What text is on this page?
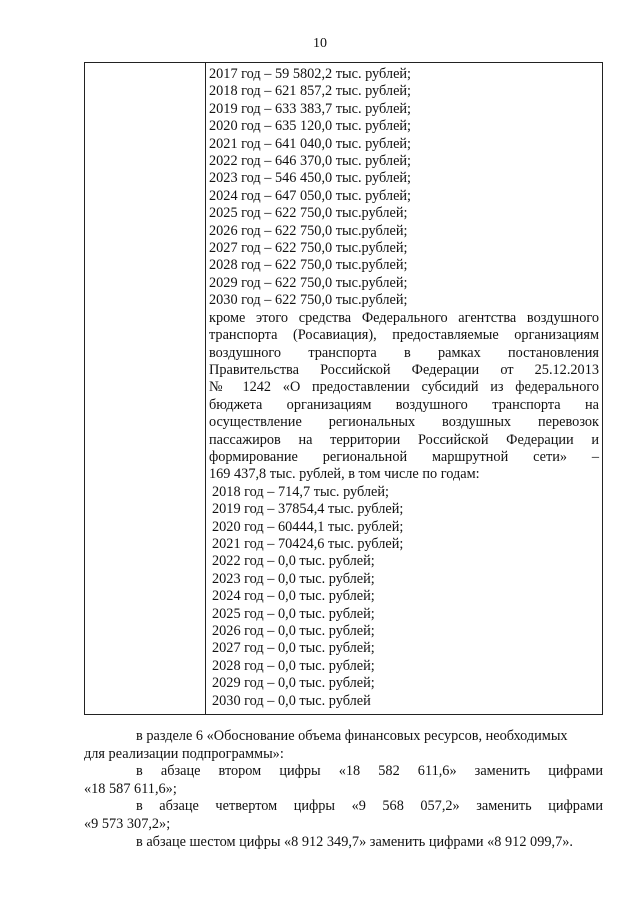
10
2017 год – 59 5802,2 тыс. рублей;
2018 год – 621 857,2 тыс. рублей;
2019 год – 633 383,7 тыс. рублей;
2020 год – 635 120,0 тыс. рублей;
2021 год – 641 040,0 тыс. рублей;
2022 год – 646 370,0 тыс. рублей;
2023 год – 546 450,0 тыс. рублей;
2024 год – 647 050,0 тыс. рублей;
2025 год – 622 750,0 тыс.рублей;
2026 год – 622 750,0 тыс.рублей;
2027 год – 622 750,0 тыс.рублей;
2028 год – 622 750,0 тыс.рублей;
2029 год – 622 750,0 тыс.рублей;
2030 год – 622 750,0 тыс.рублей;
кроме этого средства Федерального агентства воздушного
транспорта (Росавиация), предоставляемые организациям
воздушного транспорта в рамках постановления
Правительства Российской Федерации от 25.12.2013
№ 1242 «О предоставлении субсидий из федерального
бюджета организациям воздушного транспорта на
осуществление региональных воздушных перевозок
пассажиров на территории Российской Федерации и
формирование региональной маршрутной сети» –
169 437,8 тыс. рублей, в том числе по годам:
2018 год – 714,7 тыс. рублей;
2019 год – 37854,4 тыс. рублей;
2020 год – 60444,1 тыс. рублей;
2021 год – 70424,6 тыс. рублей;
2022 год – 0,0 тыс. рублей;
2023 год – 0,0 тыс. рублей;
2024 год – 0,0 тыс. рублей;
2025 год – 0,0 тыс. рублей;
2026 год – 0,0 тыс. рублей;
2027 год – 0,0 тыс. рублей;
2028 год – 0,0 тыс. рублей;
2029 год – 0,0 тыс. рублей;
2030 год – 0,0 тыс. рублей
в разделе 6 «Обоснование объема финансовых ресурсов, необходимых
для реализации подпрограммы»:
в абзаце втором цифры «18 582 611,6» заменить цифрами
«18 587 611,6»;
в абзаце четвертом цифры «9 568 057,2» заменить цифрами
«9 573 307,2»;
в абзаце шестом цифры «8 912 349,7» заменить цифрами «8 912 099,7».
